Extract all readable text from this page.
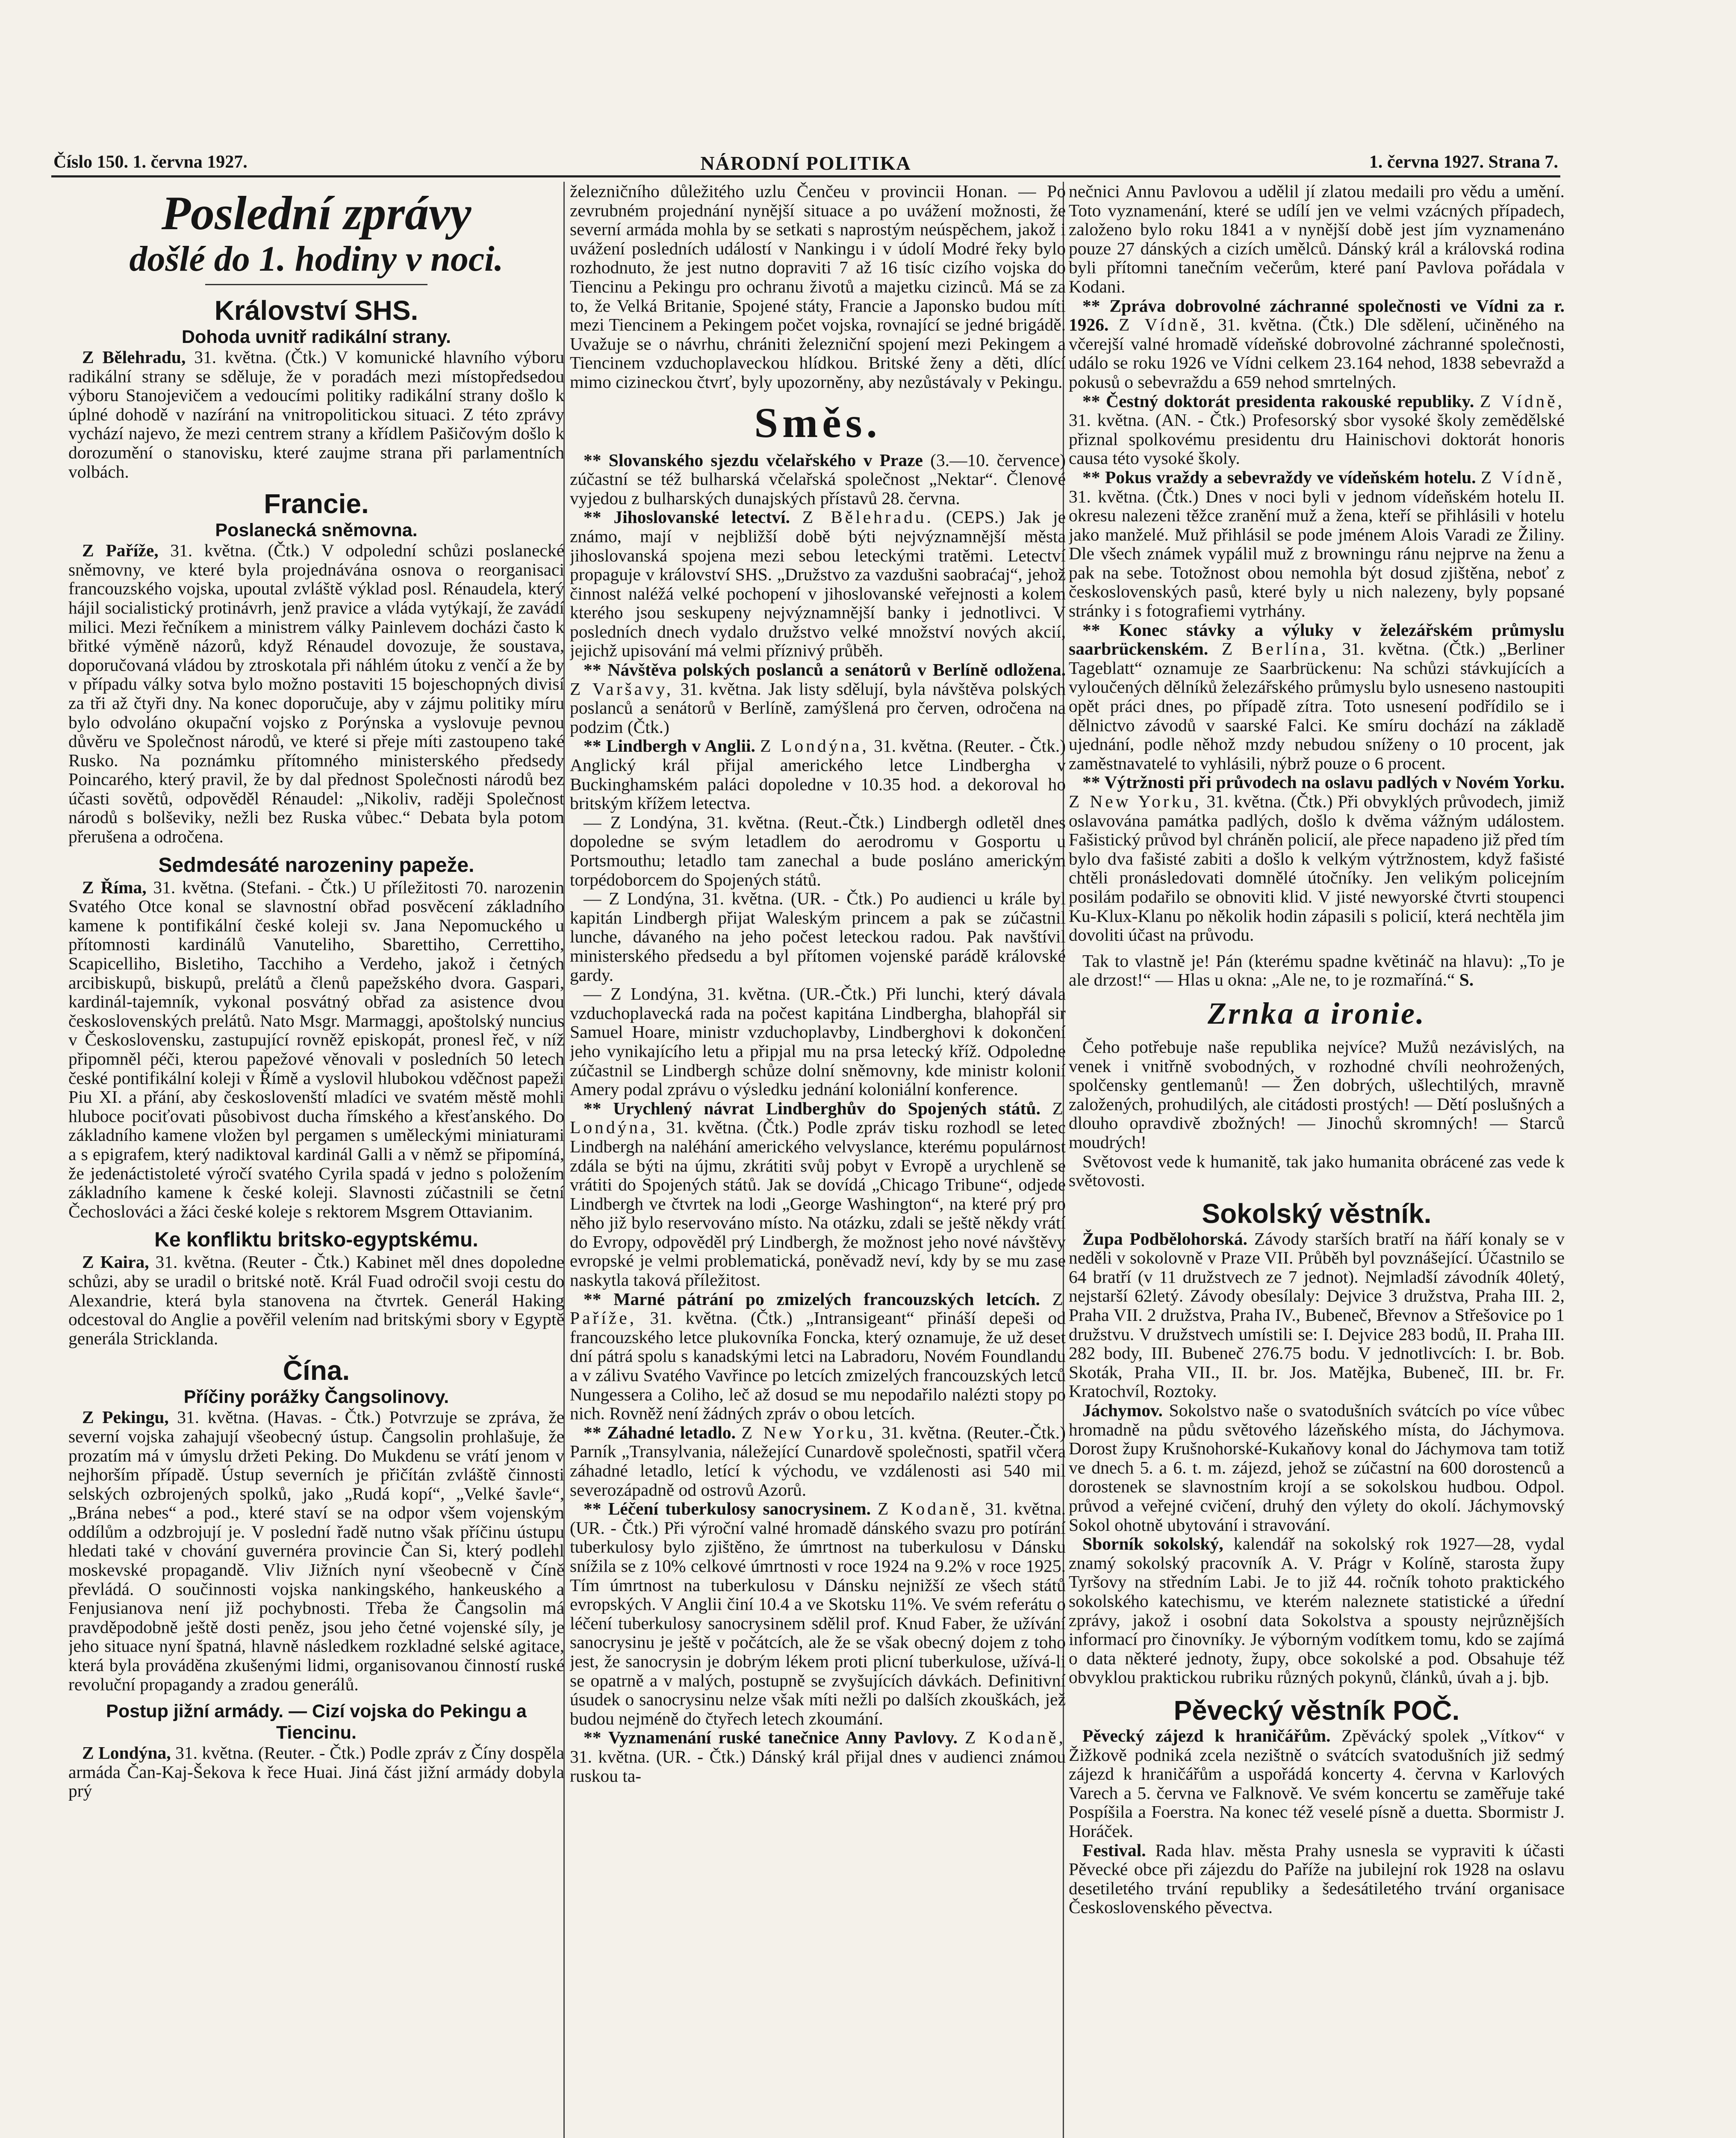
Číslo 150. 1. června 1927.	NÁRODNÍ POLITIKA	1. června 1927. Strana 7.
Poslední zprávy
došlé do 1. hodiny v noci.
Království SHS.
Dohoda uvnitř radikální strany.

Z Bělehradu, 31. května. (Čtk.) V komunické hlavního výboru radikální strany se sděluje, že v poradách mezi místopředsedou výboru Stanojevičem a vedoucími politiky radikální strany došlo k úplné dohodě v nazírání na vnitropolitickou situaci. Z této zprávy vychází najevo, že mezi centrem strany a křídlem Pašičovým došlo k dorozumění o stanovisku, které zaujme strana při parlamentních volbách.

Francie.
Poslanecká sněmovna.

Z Paříže, 31. května. (Čtk.) V odpolední schůzi poslanecké sněmovny, ve které byla projednávána osnova o reorganisaci francouzského vojska, upoutal zvláště výklad posl. Rénaudela, který hájil socialistický protinávrh, jenž pravice a vláda vytýkají, že zavádí milici. Mezi řečníkem a ministrem války Painlevem docházi často k břitké výměně názorů, když Rénaudel dovozuje, že soustava, doporučovaná vládou by ztroskotala při náhlém útoku z venčí a že by v případu války sotva bylo možno postaviti 15 bojeschopných divisí za tři až čtyři dny. Na konec doporučuje, aby v zájmu politiky míru bylo odvoláno okupační vojsko z Porýnska a vyslovuje pevnou důvěru ve Společnost národů, ve které si přeje míti zastoupeno také Rusko. Na poznámku přítomného ministerského předsedy Poincarého, který pravil, že by dal přednost Společnosti národů bez účasti sovětů, odpověděl Rénaudel: „Nikoliv, raději Společnost národů s bolševiky, nežli bez Ruska vůbec.“ Debata byla potom přerušena a odročena.

Sedmdesáté narozeniny papeže.

Z Říma, 31. května. (Stefani. - Čtk.) U příležitosti 70. narozenin Svatého Otce konal se slavnostní obřad posvěcení základního kamene k pontifikální české koleji sv. Jana Nepomuckého u přítomnosti kardinálů Vanuteliho, Sbarettiho, Cerrettiho, Scapicelliho, Bisletiho, Tacchiho a Verdeho, jakož i četných arcibiskupů, biskupů, prelátů a členů papežského dvora. Gaspari, kardinál-tajemník, vykonal posvátný obřad za asistence dvou československých prelátů. Nato Msgr. Marmaggi, apoštolský nuncius v Československu, zastupující rovněž episkopát, pronesl řeč, v níž připomněl péči, kterou papežové věnovali v posledních 50 letech české pontifikální koleji v Římě a vyslovil hlubokou vděčnost papeži Piu XI. a přání, aby českoslovenští mladíci ve svatém městě mohli hluboce pociťovati působivost ducha římského a křesťanského. Do základního kamene vložen byl pergamen s uměleckými miniaturami a s epigrafem, který nadiktoval kardinál Galli a v němž se připomíná, že jedenáctistoleté výročí svatého Cyrila spadá v jedno s položením základního kamene k české koleji. Slavnosti zúčastnili se četní Čechoslováci a žáci české koleje s rektorem Msgrem Ottavianim.

Ke konfliktu britsko-egyptskému.

Z Kaira, 31. května. (Reuter - Čtk.) Kabinet měl dnes dopoledne schůzi, aby se uradil o britské notě. Král Fuad odročil svoji cestu do Alexandrie, která byla stanovena na čtvrtek. Generál Haking odcestoval do Anglie a pověřil velením nad britskými sbory v Egyptě generála Stricklanda.

Čína.
Příčiny porážky Čangsolinovy.

Z Pekingu, 31. května. (Havas. - Čtk.) Potvrzuje se zpráva, že severní vojska zahajují všeobecný ústup. Čangsolin prohlašuje, že prozatím má v úmyslu držeti Peking. Do Mukdenu se vrátí jenom v nejhorším případě. Ústup severních je přičítán zvláště činnosti selských ozbrojených spolků, jako „Rudá kopí“, „Velké šavle“, „Brána nebes“ a pod., které staví se na odpor všem vojenským oddílům a odzbrojují je. V poslední řadě nutno však příčinu ústupu hledati také v chování guvernéra provincie Čan Si, který podlehl moskevské propagandě. Vliv Jižních nyní všeobecně v Číně převládá. O součinnosti vojska nankingského, hankeuského a Fenjusianova není již pochybnosti. Třeba že Čangsolin má pravděpodobně ještě dosti peněz, jsou jeho četné vojenské síly, je jeho situace nyní špatná, hlavně následkem rozkladné selské agitace, která byla prováděna zkušenými lidmi, organisovanou činností ruské revoluční propagandy a zradou generálů.

Postup jižní armády. — Cizí vojska do Pekingu a Tiencinu.

Z Londýna, 31. května. (Reuter. - Čtk.) Podle zpráv z Číny dospěla armáda Čan-Kaj-Šekova k řece Huai. Jiná část jižní armády dobyla prý

železničního důležitého uzlu Čenčeu v provincii Honan. — Po zevrubném projednání nynější situace a po uvážení možnosti, že severní armáda mohla by se setkati s naprostým neúspěchem, jakož i uvážení posledních událostí v Nankingu i v údolí Modré řeky bylo rozhodnuto, že jest nutno dopraviti 7 až 16 tisíc cizího vojska do Tiencinu a Pekingu pro ochranu životů a majetku cizinců. Má se za to, že Velká Britanie, Spojené státy, Francie a Japonsko budou míti mezi Tiencinem a Pekingem počet vojska, rovnající se jedné brigádě. Uvažuje se o návrhu, chrániti železniční spojení mezi Pekingem a Tiencinem vzduchoplaveckou hlídkou. Britské ženy a děti, dlící mimo cizineckou čtvrť, byly upozorněny, aby nezůstávaly v Pekingu.

Směs.

** Slovanského sjezdu včelařského v Praze (3.—10. července) zúčastní se též bulharská včelařská společnost „Nektar“. Členové vyjedou z bulharských dunajských přístavů 28. června.

** Jihoslovanské letectví. Z Bělehradu. (CEPS.) Jak je známo, mají v nejbližší době býti nejvýznamnější města jihoslovanská spojena mezi sebou leteckými tratěmi. Letectví propaguje v království SHS. „Družstvo za vazdušni saobraćaj“, jehož činnost naléžá velké pochopení v jihoslovanské veřejnosti a kolem kterého jsou seskupeny nejvýznamnější banky i jednotlivci. V posledních dnech vydalo družstvo velké množství nových akcií, jejichž upisování má velmi příznivý průběh.

** Návštěva polských poslanců a senátorů v Berlíně odložena. Z Varšavy, 31. května. Jak listy sdělují, byla návštěva polských poslanců a senátorů v Berlíně, zamýšlená pro červen, odročena na podzim (Čtk.)

** Lindbergh v Anglii. Z Londýna, 31. května. (Reuter. - Čtk.) Anglický král přijal amerického letce Lindbergha v Buckinghamském paláci dopoledne v 10.35 hod. a dekoroval ho britským křížem letectva.

— Z Londýna, 31. května. (Reut.-Čtk.) Lindbergh odletěl dnes dopoledne se svým letadlem do aerodromu v Gosportu u Portsmouthu; letadlo tam zanechal a bude posláno americkým torpédoborcem do Spojených států.

— Z Londýna, 31. května. (UR. - Čtk.) Po audienci u krále byl kapitán Lindbergh přijat Waleským princem a pak se zúčastnil lunche, dávaného na jeho počest leteckou radou. Pak navštívil ministerského předsedu a byl přítomen vojenské parádě královské gardy.

— Z Londýna, 31. května. (UR.-Čtk.) Při lunchi, který dávala vzduchoplavecká rada na počest kapitána Lindbergha, blahopřál sir Samuel Hoare, ministr vzduchoplavby, Lindberghovi k dokončení jeho vynikajícího letu a připjal mu na prsa letecký kříž. Odpoledne zúčastnil se Lindbergh schůze dolní sněmovny, kde ministr kolonií Amery podal zprávu o výsledku jednání koloniální konference.

** Urychlený návrat Lindberghův do Spojených států. Z Londýna, 31. května. (Čtk.) Podle zpráv tisku rozhodl se letec Lindbergh na naléhání amerického velvyslance, kterému populárnost zdála se býti na újmu, zkrátiti svůj pobyt v Evropě a urychleně se vrátiti do Spojených států. Jak se dovídá „Chicago Tribune“, odjede Lindbergh ve čtvrtek na lodi „George Washington“, na které prý pro něho již bylo reservováno místo. Na otázku, zdali se ještě někdy vrátí do Evropy, odpověděl prý Lindbergh, že možnost jeho nové návštěvy evropské je velmi problematická, poněvadž neví, kdy by se mu zase naskytla taková příležitost.

** Marné pátrání po zmizelých francouzských letcích. Z Paříže, 31. května. (Čtk.) „Intransigeant“ přináší depeši od francouzského letce plukovníka Foncka, který oznamuje, že už deset dní pátrá spolu s kanadskými letci na Labradoru, Novém Foundlandu a v zálivu Svatého Vavřince po letcích zmizelých francouzských letců Nungessera a Coliho, leč až dosud se mu nepodařilo nalézti stopy po nich. Rovněž není žádných zpráv o obou letcích.

** Záhadné letadlo. Z New Yorku, 31. května. (Reuter.-Čtk.) Parník „Transylvania, náležející Cunardově společnosti, spatřil včera záhadné letadlo, letící k východu, ve vzdálenosti asi 540 mil severozápadně od ostrovů Azorů.

** Léčení tuberkulosy sanocrysinem. Z Kodaně, 31. května. (UR. - Čtk.) Při výroční valné hromadě dánského svazu pro potírání tuberkulosy bylo zjištěno, že úmrtnost na tuberkulosu v Dánsku snížila se z 10% celkové úmrtnosti v roce 1924 na 9.2% v roce 1925. Tím úmrtnost na tuberkulosu v Dánsku nejnižší ze všech států evropských. V Anglii činí 10.4 a ve Skotsku 11%. Ve svém referátu o léčení tuberkulosy sanocrysinem sdělil prof. Knud Faber, že užívání sanocrysinu je ještě v počátcích, ale že se však obecný dojem z toho jest, že sanocrysin je dobrým lékem proti plicní tuberkulose, užívá-li se opatrně a v malých, postupně se zvyšujících dávkách. Definitivní úsudek o sanocrysinu nelze však míti nežli po dalších zkouškách, jež budou nejméně do čtyřech letech zkoumání.

** Vyznamenání ruské tanečnice Anny Pavlovy. Z Kodaně, 31. května. (UR. - Čtk.) Dánský král přijal dnes v audienci známou ruskou ta-

nečnici Annu Pavlovou a udělil jí zlatou medaili pro vědu a umění. Toto vyznamenání, které se udílí jen ve velmi vzácných případech, založeno bylo roku 1841 a v nynější době jest jím vyznamenáno pouze 27 dánských a cizích umělců. Dánský král a královská rodina byli přítomni tanečním večerům, které paní Pavlova pořádala v Kodani.

** Zpráva dobrovolné záchranné společnosti ve Vídni za r. 1926. Z Vídně, 31. května. (Čtk.) Dle sdělení, učiněného na včerejší valné hromadě vídeňské dobrovolné záchranné společnosti, událo se roku 1926 ve Vídni celkem 23.164 nehod, 1838 sebevražd a pokusů o sebevraždu a 659 nehod smrtelných.

** Čestný doktorát presidenta rakouské republiky. Z Vídně, 31. května. (AN. - Čtk.) Profesorský sbor vysoké školy zemědělské přiznal spolkovému presidentu dru Hainischovi doktorát honoris causa této vysoké školy.

** Pokus vraždy a sebevraždy ve vídeňském hotelu. Z Vídně, 31. května. (Čtk.) Dnes v noci byli v jednom vídeňském hotelu II. okresu nalezeni těžce zranění muž a žena, kteří se přihlásili v hotelu jako manželé. Muž přihlásil se pode jménem Alois Varadi ze Žiliny. Dle všech známek vypálil muž z browningu ránu nejprve na ženu a pak na sebe. Totožnost obou nemohla být dosud zjištěna, neboť z československých pasů, které byly u nich nalezeny, byly popsané stránky i s fotografiemi vytrhány.

** Konec stávky a výluky v železářském průmyslu saarbrückenském. Z Berlína, 31. května. (Čtk.) „Berliner Tageblatt“ oznamuje ze Saarbrückenu: Na schůzi stávkujících a vyloučených dělníků železářského průmyslu bylo usneseno nastoupiti opět práci dnes, po případě zítra. Toto usnesení podřídilo se i dělnictvo závodů v saarské Falci. Ke smíru dochází na základě ujednání, podle něhož mzdy nebudou sníženy o 10 procent, jak zaměstnavatelé to vyhlásili, nýbrž pouze o 6 procent.

** Výtržnosti při průvodech na oslavu padlých v Novém Yorku. Z New Yorku, 31. května. (Čtk.) Při obvyklých průvodech, jimiž oslavována památka padlých, došlo k dvěma vážným událostem. Fašistický průvod byl chráněn policií, ale přece napadeno již před tím bylo dva fašisté zabiti a došlo k velkým výtržnostem, když fašisté chtěli pronásledovati domnělé útočníky. Jen velikým policejním posilám podařilo se obnoviti klid. V jisté newyorské čtvrti stoupenci Ku-Klux-Klanu po několik hodin zápasili s policií, která nechtěla jim dovoliti účast na průvodu.

Tak to vlastně je! Pán (kterému spadne květináč na hlavu): „To je ale drzost!“ — Hlas u okna: „Ale ne, to je rozmaříná.“ S.

Zrnka a ironie.

Čeho potřebuje naše republika nejvíce? Mužů nezávislých, na venek i vnitřně svobodných, v rozhodné chvíli neohrožených, spolčensky gentlemanů! — Žen dobrých, ušlechtilých, mravně založených, prohudilých, ale citádosti prostých! — Dětí poslušných a dlouho opravdivě zbožných! — Jinochů skromných! — Starců moudrých!

Světovost vede k humanitě, tak jako humanita obrácené zas vede k světovosti.

Sokolský věstník.

Župa Podbělohorská. Závody starších bratří na ňáří konaly se v neděli v sokolovně v Praze VII. Průběh byl povznášející. Účastnilo se 64 bratří (v 11 družstvech ze 7 jednot). Nejmladší závodník 40letý, nejstarší 62letý. Závody obesílaly: Dejvice 3 družstva, Praha III. 2, Praha VII. 2 družstva, Praha IV., Bubeneč, Břevnov a Střešovice po 1 družstvu. V družstvech umístili se: I. Dejvice 283 bodů, II. Praha III. 282 body, III. Bubeneč 276.75 bodu. V jednotlivcích: I. br. Bob. Skoták, Praha VII., II. br. Jos. Matějka, Bubeneč, III. br. Fr. Kratochvíl, Roztoky.

Jáchymov. Sokolstvo naše o svatodušních svátcích po více vůbec hromadně na půdu světového lázeňského místa, do Jáchymova. Dorost župy Krušnohorské-Kukaňovy konal do Jáchymova tam totiž ve dnech 5. a 6. t. m. zájezd, jehož se zúčastní na 600 dorostenců a dorostenek se slavnostním krojí a se sokolskou hudbou. Odpol. průvod a veřejné cvičení, druhý den výlety do okolí. Jáchymovský Sokol ohotně ubytování i stravování.

Sborník sokolský, kalendář na sokolský rok 1927—28, vydal znamý sokolský pracovník A. V. Prágr v Kolíně, starosta župy Tyršovy na středním Labi. Je to již 44. ročník tohoto praktického sokolského katechismu, ve kterém naleznete statistické a úřední zprávy, jakož i osobní data Sokolstva a spousty nejrůznějších informací pro činovníky. Je výborným vodítkem tomu, kdo se zajímá o data některé jednoty, župy, obce sokolské a pod. Obsahuje též obvyklou praktickou rubriku různých pokynů, článků, úvah a j. bjb.

Pěvecký věstník POČ.

Pěvecký zájezd k hraničářům. Zpěvácký spolek „Vítkov“ v Žižkově podniká zcela nezištně o svátcích svatodušních již sedmý zájezd k hraničářům a uspořádá koncerty 4. června v Karlových Varech a 5. června ve Falknově. Ve svém koncertu se zaměřuje také Pospíšila a Foerstra. Na konec též veselé písně a duetta. Sbormistr J. Horáček.

Festival. Rada hlav. města Prahy usnesla se vypraviti k účasti Pěvecké obce při zájezdu do Paříže na jubilejní rok 1928 na oslavu desetiletého trvání republiky a šedesátiletého trvání organisace Československého pěvectva.
